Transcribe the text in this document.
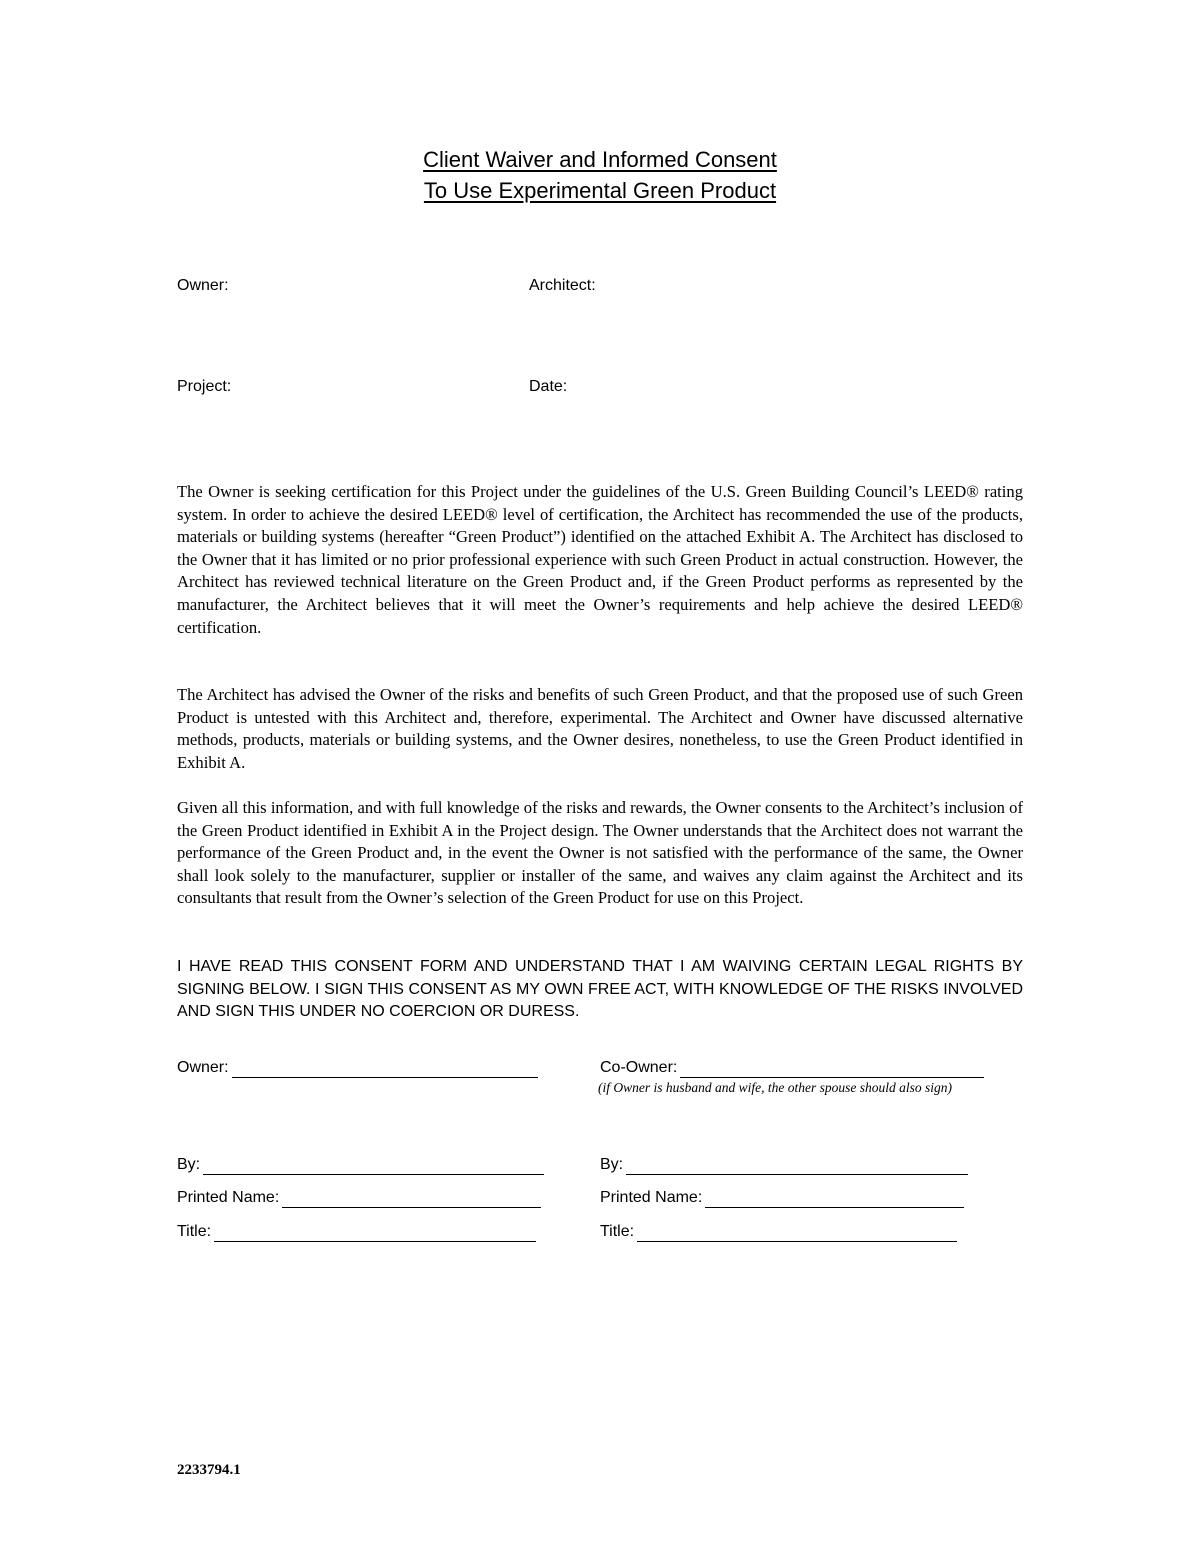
Client Waiver and Informed Consent
To Use Experimental Green Product
Owner:	Architect:
Project:	Date:

The Owner is seeking certification for this Project under the guidelines of the U.S. Green Building Council’s LEED® rating system. In order to achieve the desired LEED® level of certification, the Architect has recommended the use of the products, materials or building systems (hereafter “Green Product”) identified on the attached Exhibit A. The Architect has disclosed to the Owner that it has limited or no prior professional experience with such Green Product in actual construction. However, the Architect has reviewed technical literature on the Green Product and, if the Green Product performs as represented by the manufacturer, the Architect believes that it will meet the Owner’s requirements and help achieve the desired LEED® certification.

The Architect has advised the Owner of the risks and benefits of such Green Product, and that the proposed use of such Green Product is untested with this Architect and, therefore, experimental. The Architect and Owner have discussed alternative methods, products, materials or building systems, and the Owner desires, nonetheless, to use the Green Product identified in Exhibit A.

Given all this information, and with full knowledge of the risks and rewards, the Owner consents to the Architect’s inclusion of the Green Product identified in Exhibit A in the Project design. The Owner understands that the Architect does not warrant the performance of the Green Product and, in the event the Owner is not satisfied with the performance of the same, the Owner shall look solely to the manufacturer, supplier or installer of the same, and waives any claim against the Architect and its consultants that result from the Owner’s selection of the Green Product for use on this Project.

I HAVE READ THIS CONSENT FORM AND UNDERSTAND THAT I AM WAIVING CERTAIN LEGAL RIGHTS BY SIGNING BELOW. I SIGN THIS CONSENT AS MY OWN FREE ACT, WITH KNOWLEDGE OF THE RISKS INVOLVED AND SIGN THIS UNDER NO COERCION OR DURESS.

Owner:	Co-Owner:
(if Owner is husband and wife, the other spouse should also sign)
By:	By:
Printed Name:	Printed Name:
Title:	Title:
2233794.1
